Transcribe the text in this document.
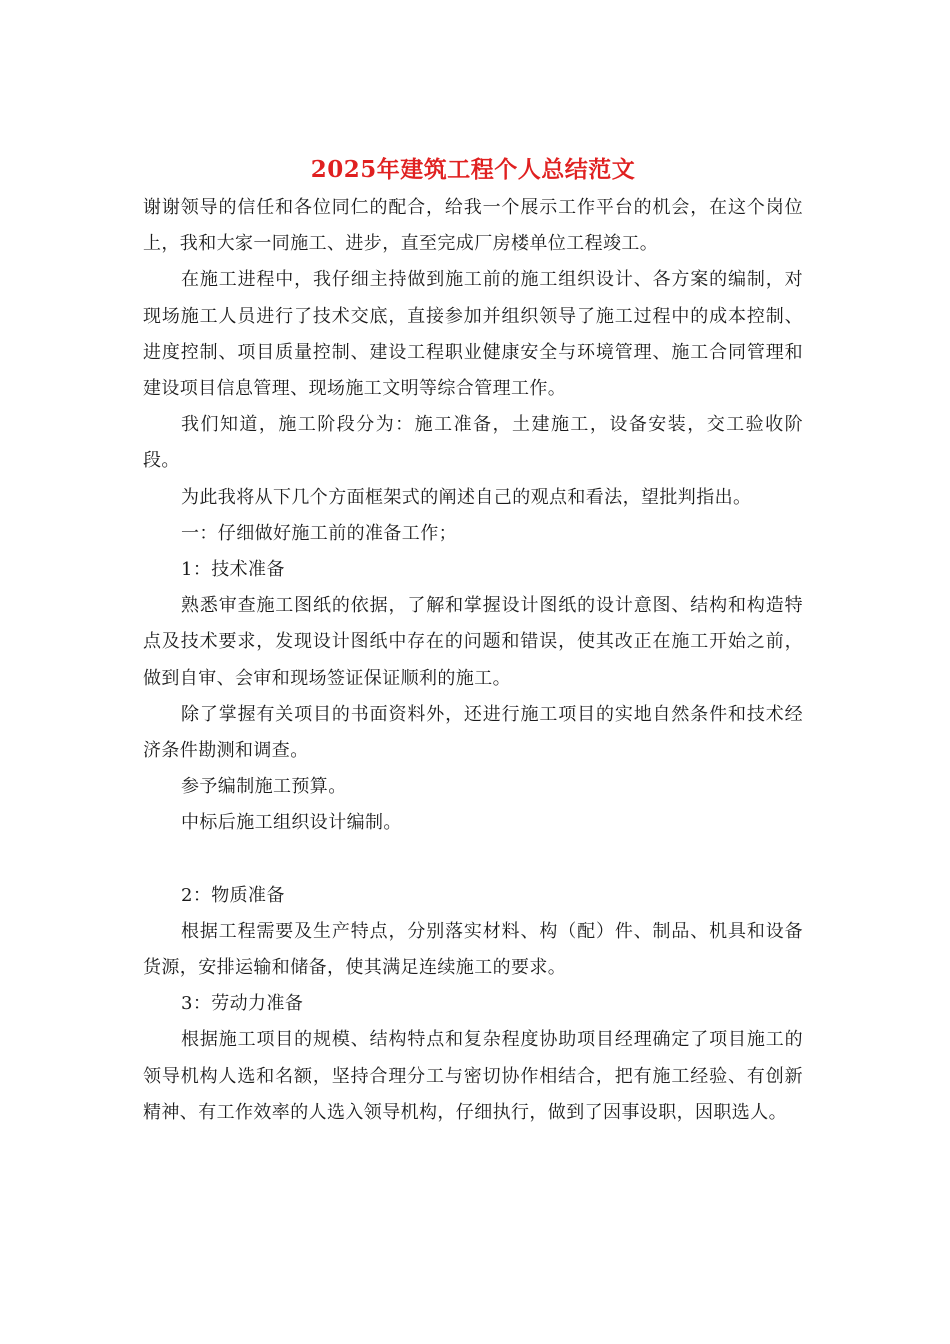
2025年建筑工程个人总结范文

谢谢领导的信任和各位同仁的配合，给我一个展示工作平台的机会，在这个岗位上，我和大家一同施工、进步，直至完成厂房楼单位工程竣工。

在施工进程中，我仔细主持做到施工前的施工组织设计、各方案的编制，对现场施工人员进行了技术交底，直接参加并组织领导了施工过程中的成本控制、进度控制、项目质量控制、建设工程职业健康安全与环境管理、施工合同管理和建设项目信息管理、现场施工文明等综合管理工作。

我们知道，施工阶段分为：施工准备，土建施工，设备安装，交工验收阶段。

为此我将从下几个方面框架式的阐述自己的观点和看法，望批判指出。

一：仔细做好施工前的准备工作；

1：技术准备

熟悉审查施工图纸的依据，了解和掌握设计图纸的设计意图、结构和构造特点及技术要求，发现设计图纸中存在的问题和错误，使其改正在施工开始之前，做到自审、会审和现场签证保证顺利的施工。

除了掌握有关项目的书面资料外，还进行施工项目的实地自然条件和技术经济条件勘测和调查。

参予编制施工预算。

中标后施工组织设计编制。

2：物质准备

根据工程需要及生产特点，分别落实材料、构（配）件、制品、机具和设备货源，安排运输和储备，使其满足连续施工的要求。

3：劳动力准备

根据施工项目的规模、结构特点和复杂程度协助项目经理确定了项目施工的领导机构人选和名额，坚持合理分工与密切协作相结合，把有施工经验、有创新精神、有工作效率的人选入领导机构，仔细执行，做到了因事设职，因职选人。
